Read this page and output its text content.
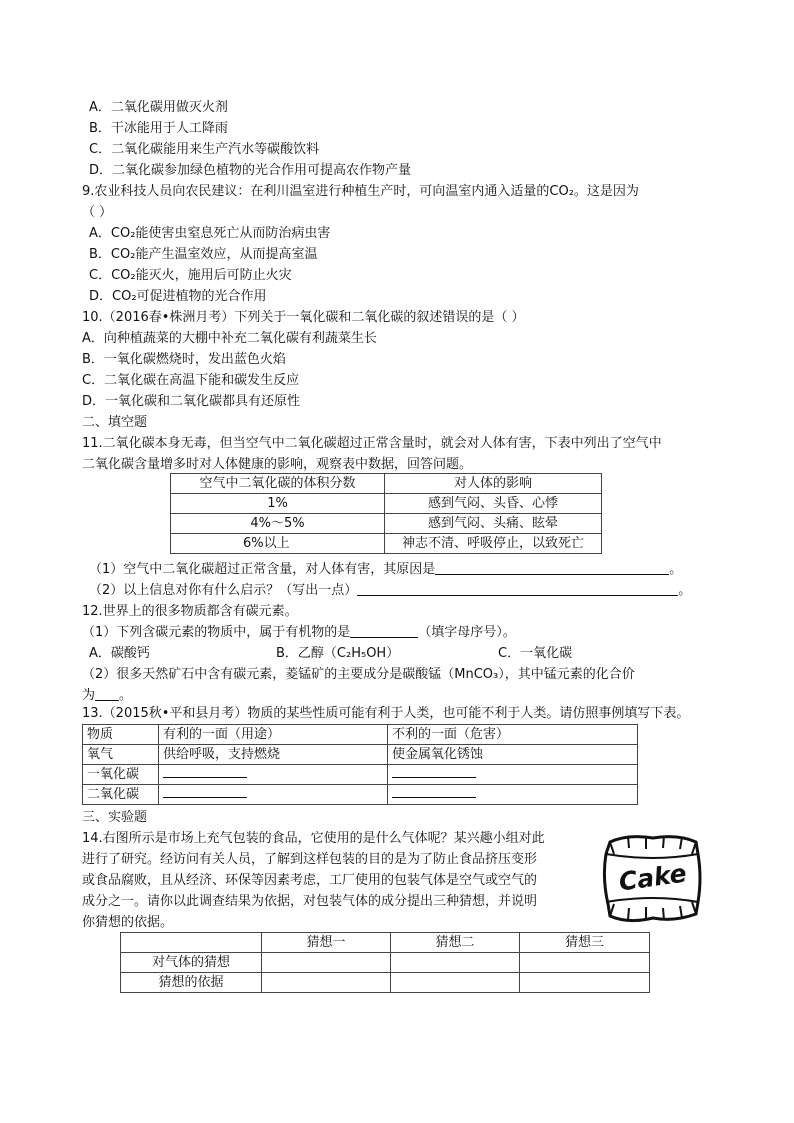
A．二氧化碳用做灭火剂
B．干冰能用于人工降雨
C．二氧化碳能用来生产汽水等碳酸饮料
D．二氧化碳参加绿色植物的光合作用可提高农作物产量
9.农业科技人员向农民建议：在利川温室进行种植生产时，可向温室内通入适量的CO₂。这是因为
（ ）
A．CO₂能使害虫窒息死亡从而防治病虫害
B．CO₂能产生温室效应，从而提高室温
C．CO₂能灭火，施用后可防止火灾
D．CO₂可促进植物的光合作用
10.（2016春•株洲月考）下列关于一氧化碳和二氧化碳的叙述错误的是（ ）
A．向种植蔬菜的大棚中补充二氧化碳有利蔬菜生长
B．一氧化碳燃烧时，发出蓝色火焰
C．二氧化碳在高温下能和碳发生反应
D．一氧化碳和二氧化碳都具有还原性
二、填空题
11.二氧化碳本身无毒，但当空气中二氧化碳超过正常含量时，就会对人体有害，下表中列出了空气中
二氧化碳含量增多时对人体健康的影响，观察表中数据，回答问题。
空气中二氧化碳的体积分数	对人体的影响
1%	感到气闷、头昏、心悸
4%～5%	感到气闷、头痛、眩晕
6%以上	神志不清、呼吸停止，以致死亡
（1）空气中二氧化碳超过正常含量，对人体有害，其原因是	。
（2）以上信息对你有什么启示？（写出一点）	。
12.世界上的很多物质都含有碳元素。
（1）下列含碳元素的物质中，属于有机物的是	（填字母序号）。
A．碳酸钙	B．乙醇（C₂H₅OH）	C．一氧化碳
（2）很多天然矿石中含有碳元素，菱锰矿的主要成分是碳酸锰（MnCO₃），其中锰元素的化合价
为 。
13.（2015秋•平和县月考）物质的某些性质可能有利于人类，也可能不利于人类。请仿照事例填写下表。
物质	有利的一面（用途）	不利的一面（危害）
氧气	供给呼吸，支持燃烧	使金属氧化锈蚀
一氧化碳		
二氧化碳		
三、实验题
14.右图所示是市场上充气包装的食品，它使用的是什么气体呢？某兴趣小组对此
进行了研究。经访问有关人员，了解到这样包装的目的是为了防止食品挤压变形
或食品腐败，且从经济、环保等因素考虑，工厂使用的包装气体是空气或空气的
成分之一。请你以此调查结果为依据，对包装气体的成分提出三种猜想，并说明
你猜想的依据。
Cake
	猜想一	猜想二	猜想三
对气体的猜想			
猜想的依据			
